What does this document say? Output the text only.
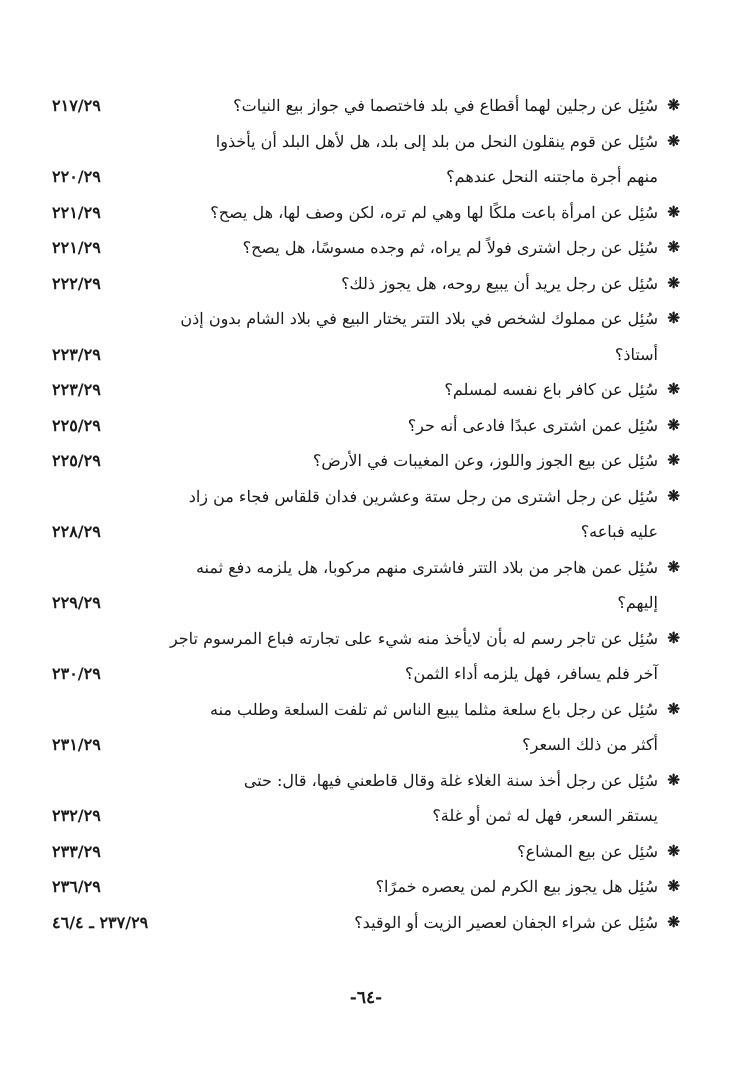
❋
سُئِل عن رجلين لهما أقطاع في بلد فاختصما في جواز بيع النيات؟
٢١٧/٢٩
❋
سُئِل عن قوم ينقلون النحل من بلد إلى بلد، هل لأهل البلد أن يأخذوا
منهم أجرة ماجتنه النحل عندهم؟
٢٢٠/٢٩
❋
سُئِل عن امرأة باعت ملكًا لها وهي لم تره، لكن وصف لها، هل يصح؟
٢٢١/٢٩
❋
سُئِل عن رجل اشترى فولاً لم يراه، ثم وجده مسوسًا، هل يصح؟
٢٢١/٢٩
❋
سُئِل عن رجل يريد أن يبيع روحه، هل يجوز ذلك؟
٢٢٢/٢٩
❋
سُئِل عن مملوك لشخص في بلاد التتر يختار البيع في بلاد الشام بدون إذن
أستاذ؟
٢٢٣/٢٩
❋
سُئِل عن كافر باع نفسه لمسلم؟
٢٢٣/٢٩
❋
سُئِل عمن اشترى عبدًا فادعى أنه حر؟
٢٢٥/٢٩
❋
سُئِل عن بيع الجوز واللوز، وعن المغيبات في الأرض؟
٢٢٥/٢٩
❋
سُئِل عن رجل اشترى من رجل ستة وعشرين فدان قلقاس فجاء من زاد
عليه فباعه؟
٢٢٨/٢٩
❋
سُئِل عمن هاجر من بلاد التتر فاشترى منهم مركوبا، هل يلزمه دفع ثمنه
إليهم؟
٢٢٩/٢٩
❋
سُئِل عن تاجر رسم له بأن لايأخذ منه شيء على تجارته فباع المرسوم تاجر
آخر فلم يسافر، فهل يلزمه أداء الثمن؟
٢٣٠/٢٩
❋
سُئِل عن رجل باع سلعة مثلما يبيع الناس ثم تلفت السلعة وطلب منه
أكثر من ذلك السعر؟
٢٣١/٢٩
❋
سُئِل عن رجل أخذ سنة الغلاء غلة وقال قاطعني فيها، قال: حتى
يستقر السعر، فهل له ثمن أو غلة؟
٢٣٢/٢٩
❋
سُئِل عن بيع المشاع؟
٢٣٣/٢٩
❋
سُئِل هل يجوز بيع الكرم لمن يعصره خمرًا؟
٢٣٦/٢٩
❋
سُئِل عن شراء الجفان لعصير الزيت أو الوقيد؟
٢٣٧/٢٩ ـ ٤٦/٤
-٦٤-
